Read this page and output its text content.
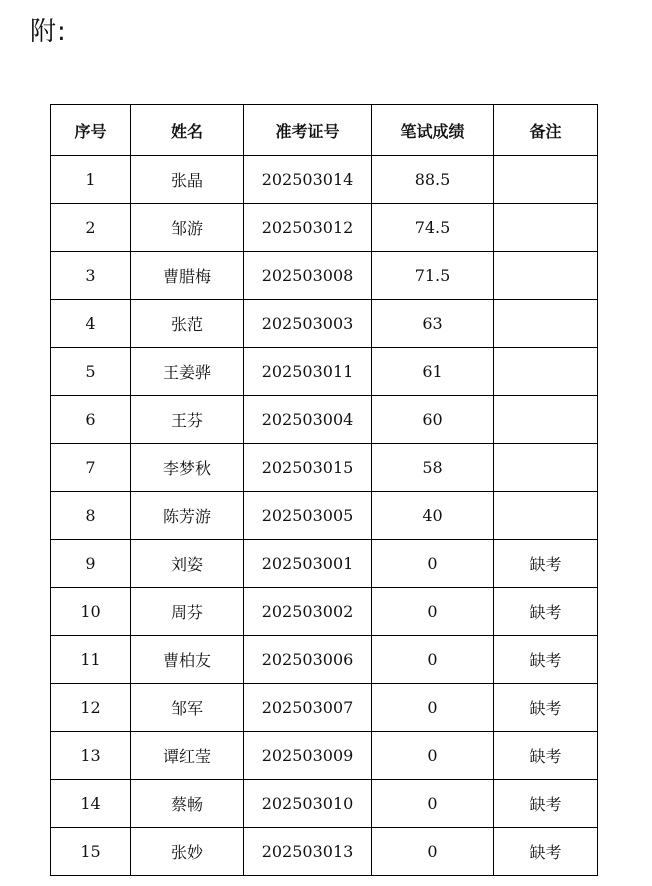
附:
序号	姓名	准考证号	笔试成绩	备注
1	张晶	202503014	88.5	
2	邹游	202503012	74.5	
3	曹腊梅	202503008	71.5	
4	张范	202503003	63	
5	王姜骅	202503011	61	
6	王芬	202503004	60	
7	李梦秋	202503015	58	
8	陈芳游	202503005	40	
9	刘姿	202503001	0	缺考
10	周芬	202503002	0	缺考
11	曹柏友	202503006	0	缺考
12	邹军	202503007	0	缺考
13	谭红莹	202503009	0	缺考
14	蔡畅	202503010	0	缺考
15	张妙	202503013	0	缺考
